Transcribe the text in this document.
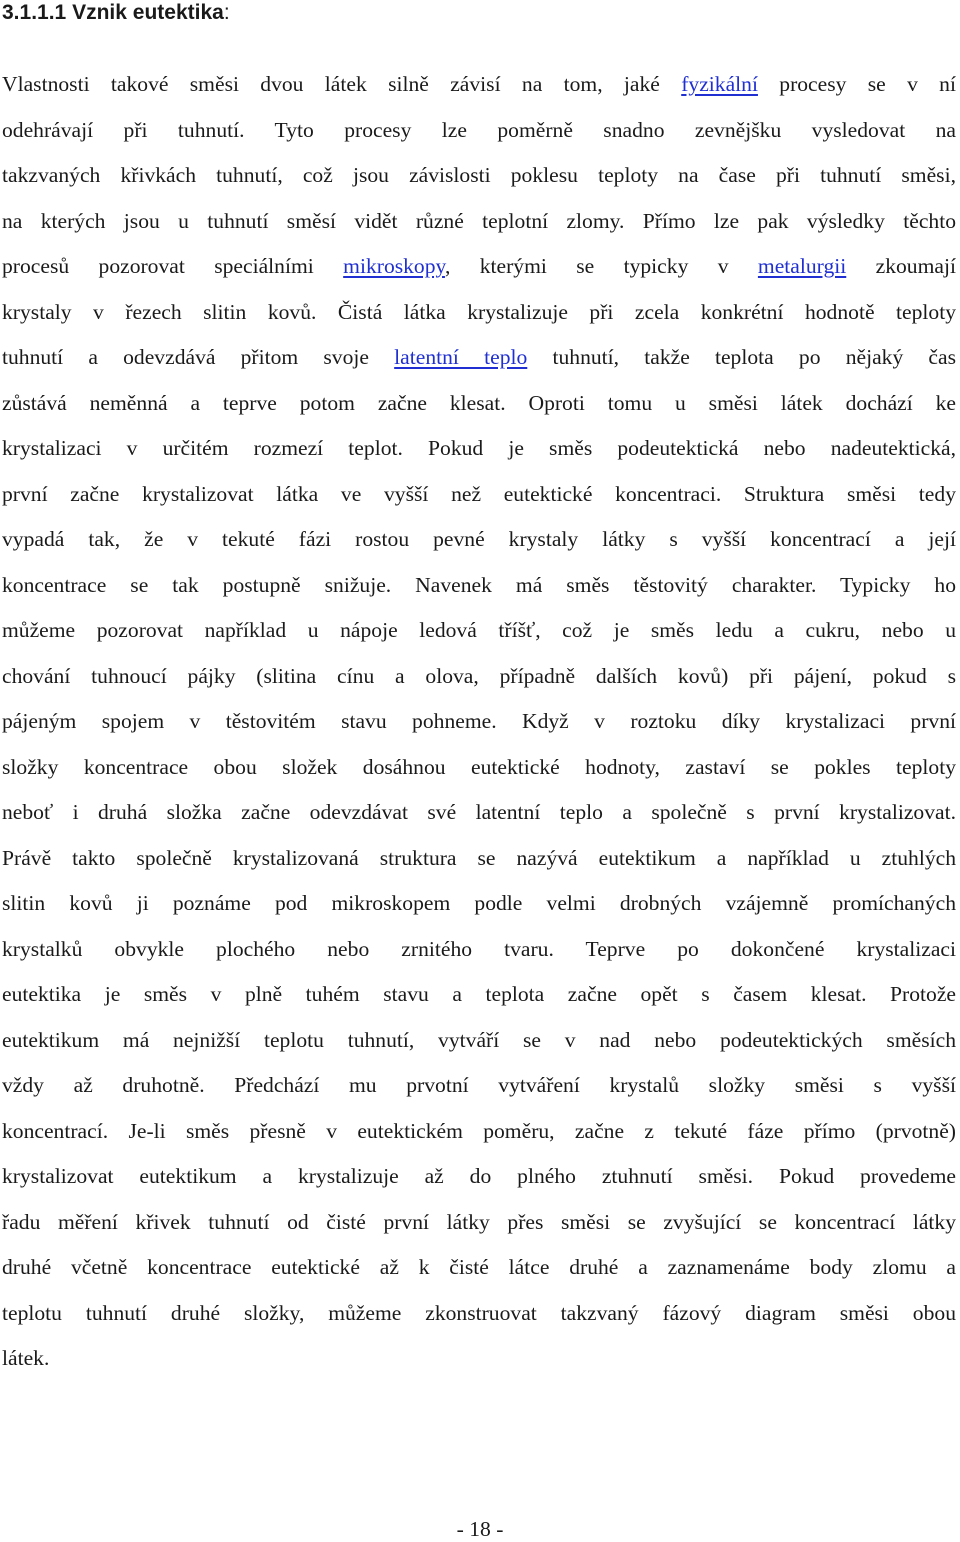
3.1.1.1 Vznik eutektika:
Vlastnosti takové směsi dvou látek silně závisí na tom, jaké fyzikální procesy se v ní
odehrávají při tuhnutí. Tyto procesy lze poměrně snadno zevnějšku vysledovat na
takzvaných křivkách tuhnutí, což jsou závislosti poklesu teploty na čase při tuhnutí směsi,
na kterých jsou u tuhnutí směsí vidět různé teplotní zlomy. Přímo lze pak výsledky těchto
procesů pozorovat speciálními mikroskopy, kterými se typicky v metalurgii zkoumají
krystaly v řezech slitin kovů. Čistá látka krystalizuje při zcela konkrétní hodnotě teploty
tuhnutí a odevzdává přitom svoje latentní teplo tuhnutí, takže teplota po nějaký čas
zůstává neměnná a teprve potom začne klesat. Oproti tomu u směsi látek dochází ke
krystalizaci v určitém rozmezí teplot. Pokud je směs podeutektická nebo nadeutektická,
první začne krystalizovat látka ve vyšší než eutektické koncentraci. Struktura směsi tedy
vypadá tak, že v tekuté fázi rostou pevné krystaly látky s vyšší koncentrací a její
koncentrace se tak postupně snižuje. Navenek má směs těstovitý charakter. Typicky ho
můžeme pozorovat například u nápoje ledová tříšť, což je směs ledu a cukru, nebo u
chování tuhnoucí pájky (slitina cínu a olova, případně dalších kovů) při pájení, pokud s
pájeným spojem v těstovitém stavu pohneme. Když v roztoku díky krystalizaci první
složky koncentrace obou složek dosáhnou eutektické hodnoty, zastaví se pokles teploty
neboť i druhá složka začne odevzdávat své latentní teplo a společně s první krystalizovat.
Právě takto společně krystalizovaná struktura se nazývá eutektikum a například u ztuhlých
slitin kovů ji poznáme pod mikroskopem podle velmi drobných vzájemně promíchaných
krystalků obvykle plochého nebo zrnitého tvaru. Teprve po dokončené krystalizaci
eutektika je směs v plně tuhém stavu a teplota začne opět s časem klesat. Protože
eutektikum má nejnižší teplotu tuhnutí, vytváří se v nad nebo podeutektických směsích
vždy až druhotně. Předchází mu prvotní vytváření krystalů složky směsi s vyšší
koncentrací. Je-li směs přesně v eutektickém poměru, začne z tekuté fáze přímo (prvotně)
krystalizovat eutektikum a krystalizuje až do plného ztuhnutí směsi. Pokud provedeme
řadu měření křivek tuhnutí od čisté první látky přes směsi se zvyšující se koncentrací látky
druhé včetně koncentrace eutektické až k čisté látce druhé a zaznamenáme body zlomu a
teplotu tuhnutí druhé složky, můžeme zkonstruovat takzvaný fázový diagram směsi obou
látek.
- 18 -
